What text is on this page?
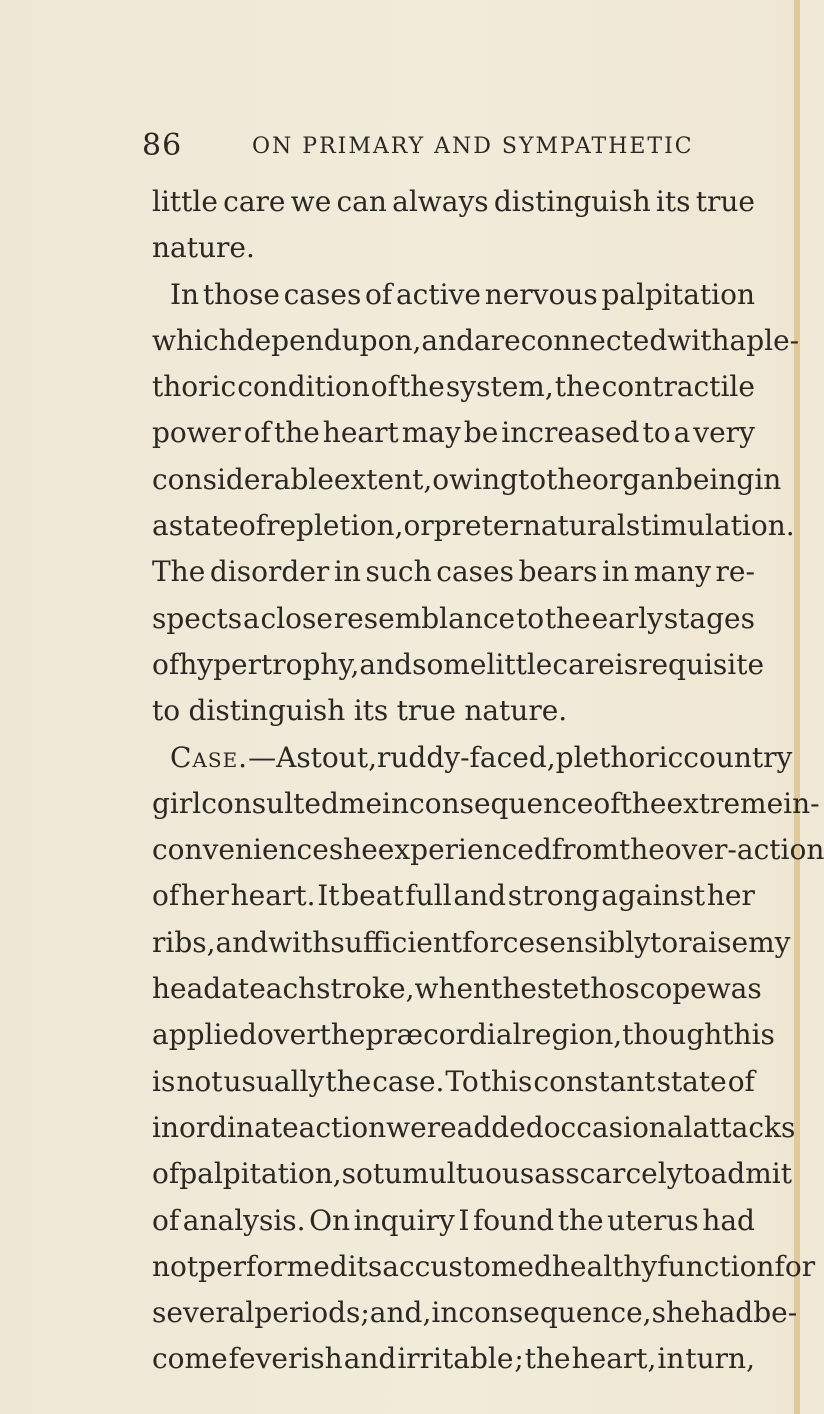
86	ON PRIMARY AND SYMPATHETIC
little care we can always distinguish its true
nature.
In those cases of active nervous palpitation
which depend upon, and are connected with a ple-
thoric condition of the system, the contractile
power of the heart may be increased to a very
considerable extent, owing to the organ being in
a state of repletion, or preternatural stimulation.
The disorder in such cases bears in many re-
spects a close resemblance to the early stages
of hypertrophy, and some little care is requisite
to distinguish its true nature.
Case.—A stout, ruddy-faced, plethoric country
girl consulted me in consequence of the extreme in-
convenience she experienced from the over-action
of her heart. It beat full and strong against her
ribs, and with sufficient force sensibly to raise my
head at each stroke, when the stethoscope was
applied over the præcordial region, though this
is not usually the case. To this constant state of
inordinate action were added occasional attacks
of palpitation, so tumultuous as scarcely to admit
of analysis. On inquiry I found the uterus had
not performed its accustomed healthy function for
several periods; and, in consequence, she had be-
come feverish and irritable ; the heart, in turn,
